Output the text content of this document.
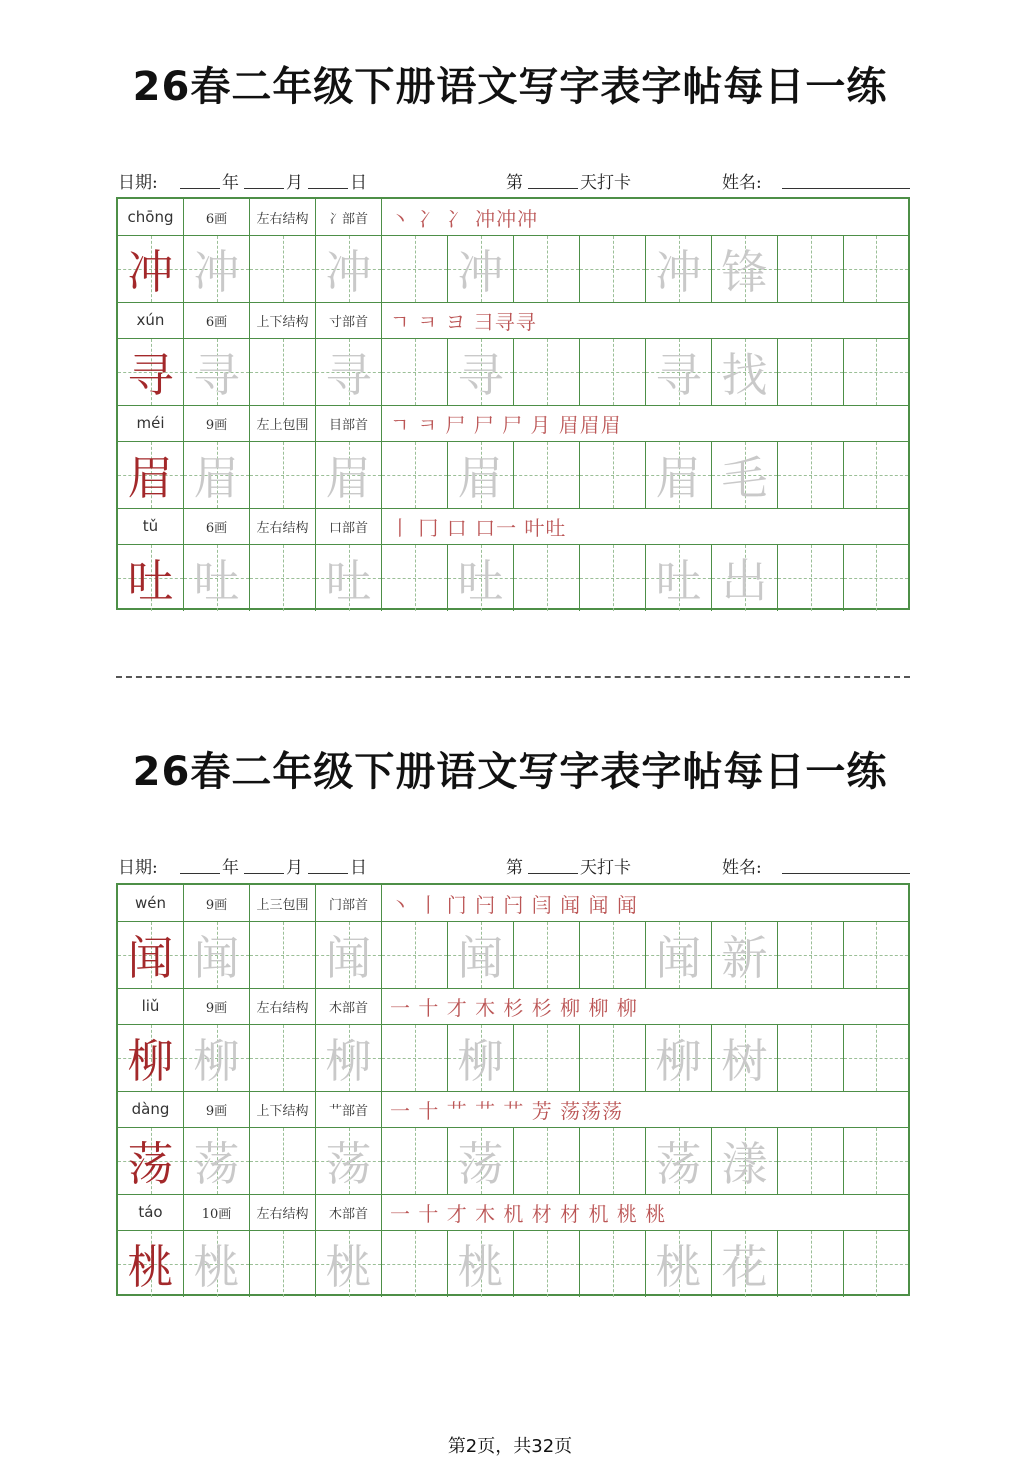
26春二年级下册语文写字表字帖每日一练
日期:	年	月	日	第	天打卡	姓名:
chōng	6画	左右结构	冫部首	丶 冫 冫 冲冲冲
冲 冲 冲 冲	冲 锋
xún	6画	上下结构	寸部首	ㄱ ㅋ ヨ 彐寻寻
寻 寻 寻 寻	寻 找
méi	9画	左上包围	目部首	ㄱ ㅋ 尸 尸 尸 月 眉眉眉
眉 眉 眉 眉	眉 毛
tǔ	6画	左右结构	口部首	丨 冂 口 口一 叶吐
吐 吐 吐 吐	吐 出
26春二年级下册语文写字表字帖每日一练
日期:	年	月	日	第	天打卡	姓名:
wén	9画	上三包围	门部首	丶 丨 门 闩 闩 闫 闻 闻 闻
闻 闻 闻 闻	闻 新
liǔ	9画	左右结构	木部首	一 十 才 木 杉 杉 柳 柳 柳
柳 柳 柳 柳	柳 树
dàng	9画	上下结构	艹部首	一 十 艹 艹 艹 芳 荡荡荡
荡 荡 荡 荡	荡 漾
táo	10画	左右结构	木部首	一 十 才 木 机 材 材 机 桃 桃
桃 桃 桃 桃	桃 花
第2页，共32页
